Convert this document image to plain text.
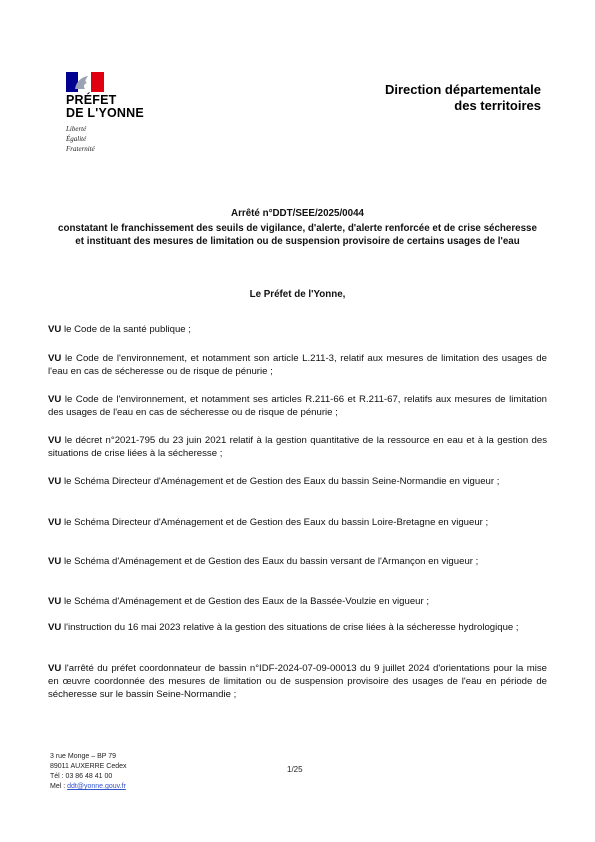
PRÉFET
DE L'YONNE
Liberté
Égalité
Fraternité
Direction départementale
des territoires
Arrêté n°DDT/SEE/2025/0044
constatant le franchissement des seuils de vigilance, d'alerte, d'alerte renforcée et de crise sécheresse et instituant des mesures de limitation ou de suspension provisoire de certains usages de l'eau
Le Préfet de l'Yonne,

VU le Code de la santé publique ;

VU le Code de l'environnement, et notamment son article L.211-3, relatif aux mesures de limitation des usages de l'eau en cas de sécheresse ou de risque de pénurie ;

VU le Code de l'environnement, et notamment ses articles R.211-66 et R.211-67, relatifs aux mesures de limitation des usages de l'eau en cas de sécheresse ou de risque de pénurie ;

VU le décret n°2021-795 du 23 juin 2021 relatif à la gestion quantitative de la ressource en eau et à la gestion des situations de crise liées à la sécheresse ;

VU le Schéma Directeur d'Aménagement et de Gestion des Eaux du bassin Seine-Normandie en vigueur ;

VU le Schéma Directeur d'Aménagement et de Gestion des Eaux du bassin Loire-Bretagne en vigueur ;

VU le Schéma d'Aménagement et de Gestion des Eaux du bassin versant de l'Armançon en vigueur ;

VU le Schéma d'Aménagement et de Gestion des Eaux de la Bassée-Voulzie en vigueur ;

VU l'instruction du 16 mai 2023 relative à la gestion des situations de crise liées à la sécheresse hydrologique ;

VU l'arrêté du préfet coordonnateur de bassin n°IDF-2024-07-09-00013 du 9 juillet 2024 d'orientations pour la mise en œuvre coordonnée des mesures de limitation ou de suspension provisoire des usages de l'eau en période de sécheresse sur le bassin Seine-Normandie ;

3 rue Monge – BP 79
89011 AUXERRE Cedex
Tél : 03 86 48 41 00
Mel : ddt@yonne.gouv.fr
1/25
